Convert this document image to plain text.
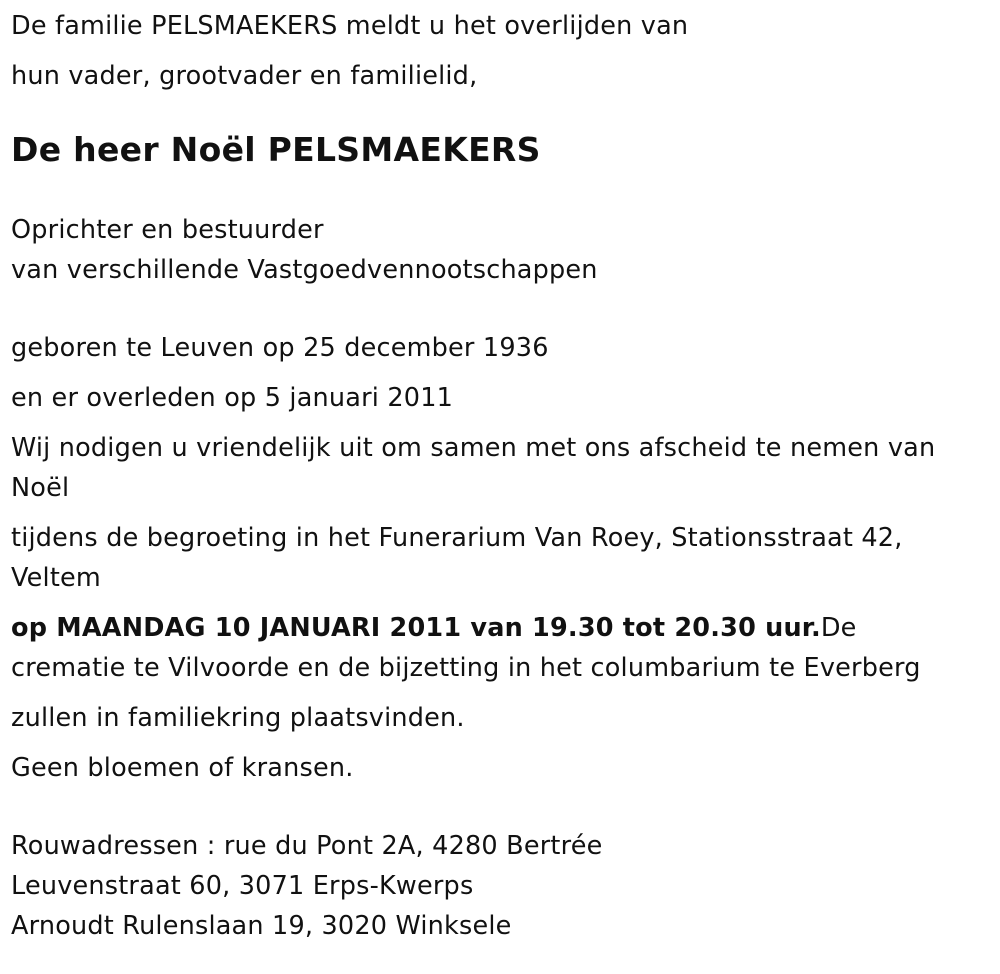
De familie PELSMAEKERS meldt u het overlijden van

hun vader, grootvader en familielid,

De heer Noël PELSMAEKERS

Oprichter en bestuurder

van verschillende Vastgoedvennootschappen

geboren te Leuven op 25 december 1936

en er overleden op 5 januari 2011

Wij nodigen u vriendelijk uit om samen met ons afscheid te nemen van Noël

tijdens de begroeting in het Funerarium Van Roey, Stationsstraat 42, Veltem

op MAANDAG 10 JANUARI 2011 van 19.30 tot 20.30 uur.De crematie te Vilvoorde en de bijzetting in het columbarium te Everberg

zullen in familiekring plaatsvinden.

Geen bloemen of kransen.

Rouwadressen : rue du Pont 2A, 4280 Bertrée

Leuvenstraat 60, 3071 Erps-Kwerps

Arnoudt Rulenslaan 19, 3020 Winksele
